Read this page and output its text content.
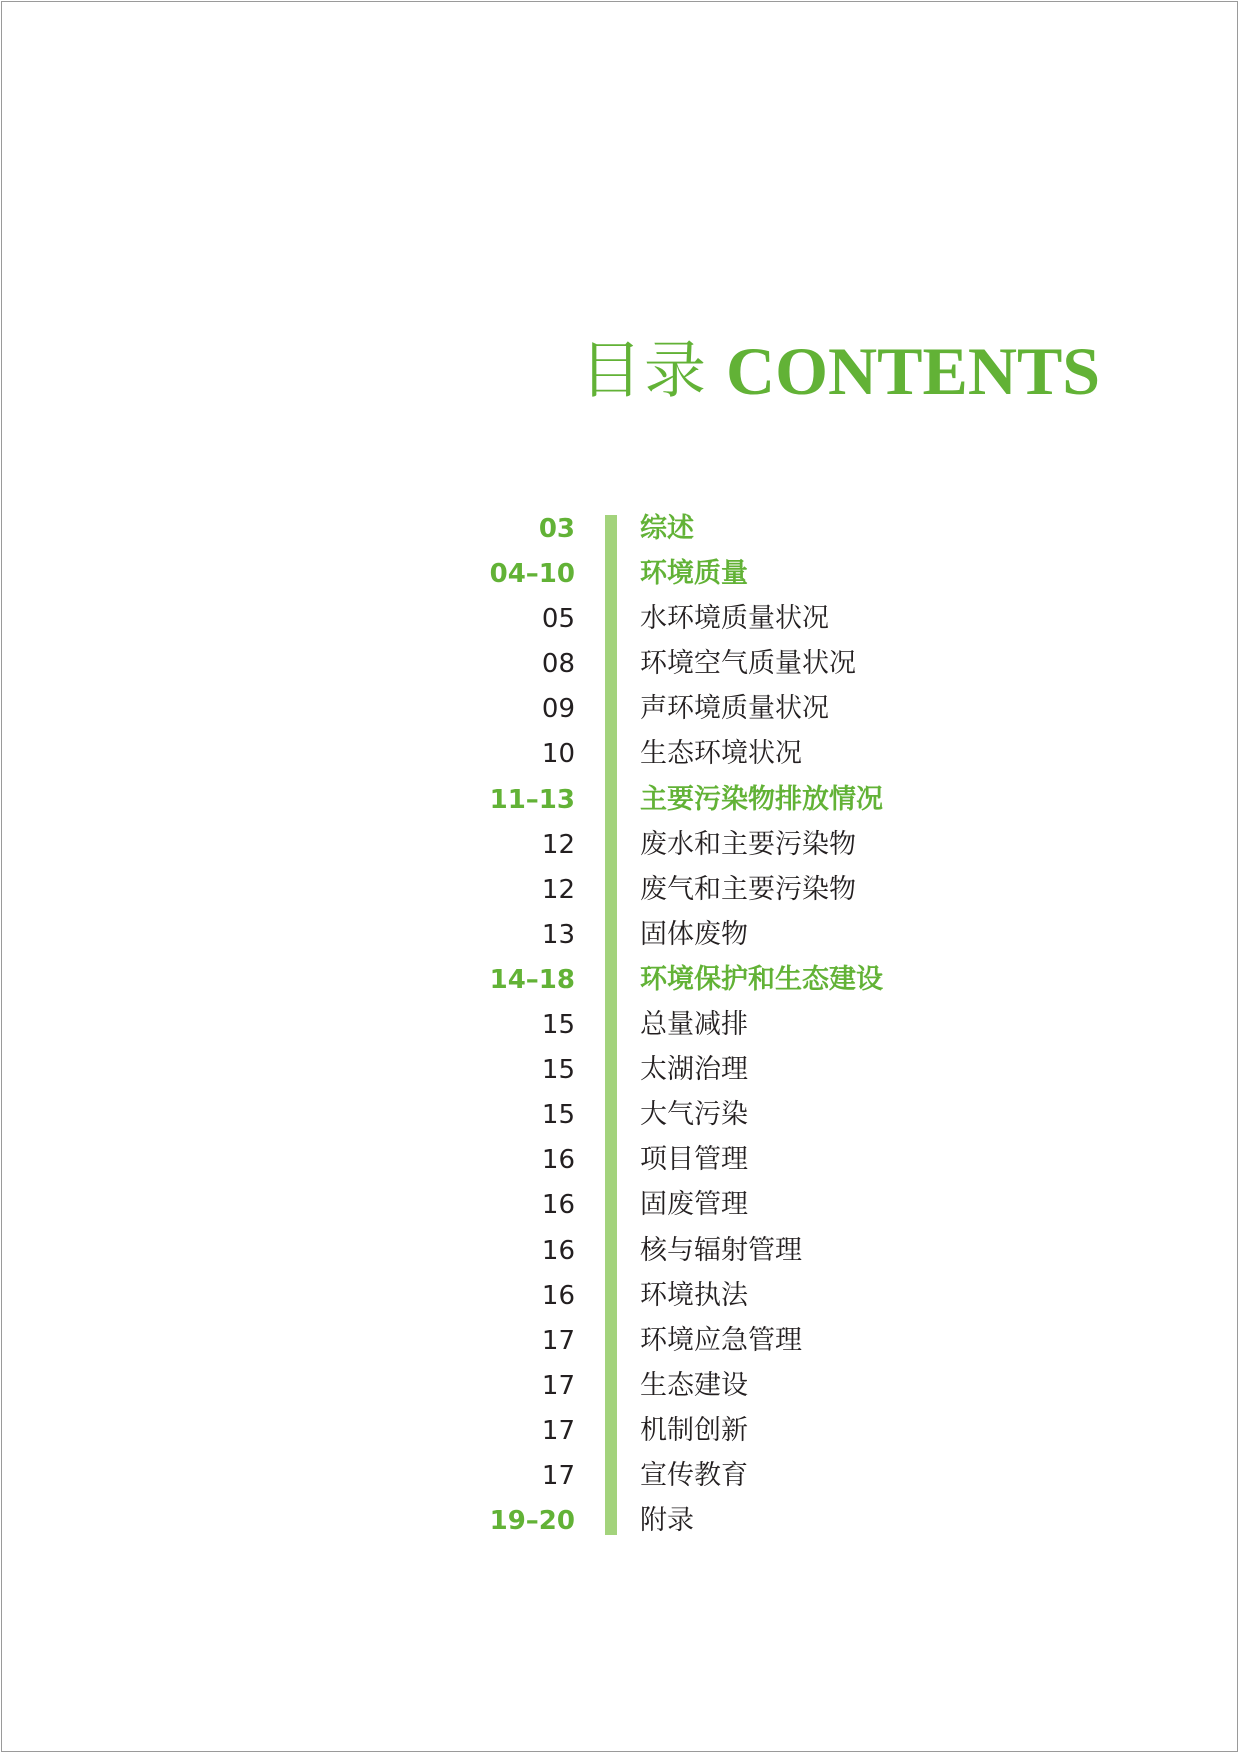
目录 CONTENTS
03 综述
04–10 环境质量
05 水环境质量状况
08 环境空气质量状况
09 声环境质量状况
10 生态环境状况
11–13 主要污染物排放情况
12 废水和主要污染物
12 废气和主要污染物
13 固体废物
14–18 环境保护和生态建设
15 总量减排
15 太湖治理
15 大气污染
16 项目管理
16 固废管理
16 核与辐射管理
16 环境执法
17 环境应急管理
17 生态建设
17 机制创新
17 宣传教育
19–20 附录
